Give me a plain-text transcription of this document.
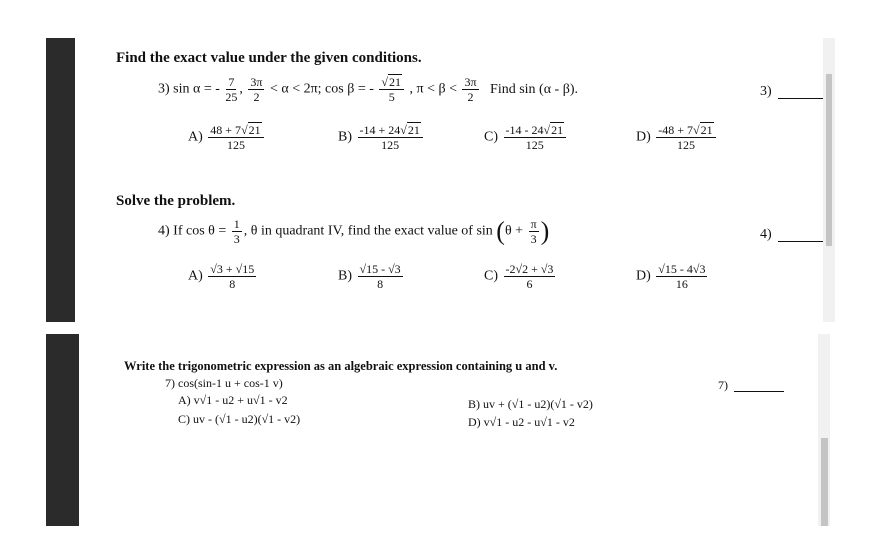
Find the exact value under the given conditions.
3) sin α = - $\frac{7}{25}$ , $\frac{3\pi}{2} < \alpha < 2\pi$; cos β = - $\frac{√21}{5}$ , $\pi < \beta < \frac{3\pi}{2}$ Find sin (α - β).	3)
$A) \frac{48 + 7√21}{125}$	$B) \frac{-14 + 24√21}{125}$	$C) \frac{-14 - 24√21}{125}$	$D) \frac{-48 + 7√21}{125}$
Solve the problem.
4) If $\cos \theta = \frac{1}{3}$ , θ in quadrant IV, find the exact value of $\sin (\theta + \frac{\pi}{3}$ )	4)
$A) \frac{√3 + √15}{8}$	$B) \frac{√15 - √3}{8}$	$C) \frac{-2√2 + √3}{6}$	$D) \frac{√15 - 4√3}{16}$
Write the trigonometric expression as an algebraic expression containing u and v.
7) cos(sin-1 u + cos-1 v)	7)
A) v√1 - u2 + u√1 - v2	B) uv + (√1 - u2)(√1 - v2)
C) uv - (√1 - u2)(√1 - v2)	D) v√1 - u2 - u√1 - v2
